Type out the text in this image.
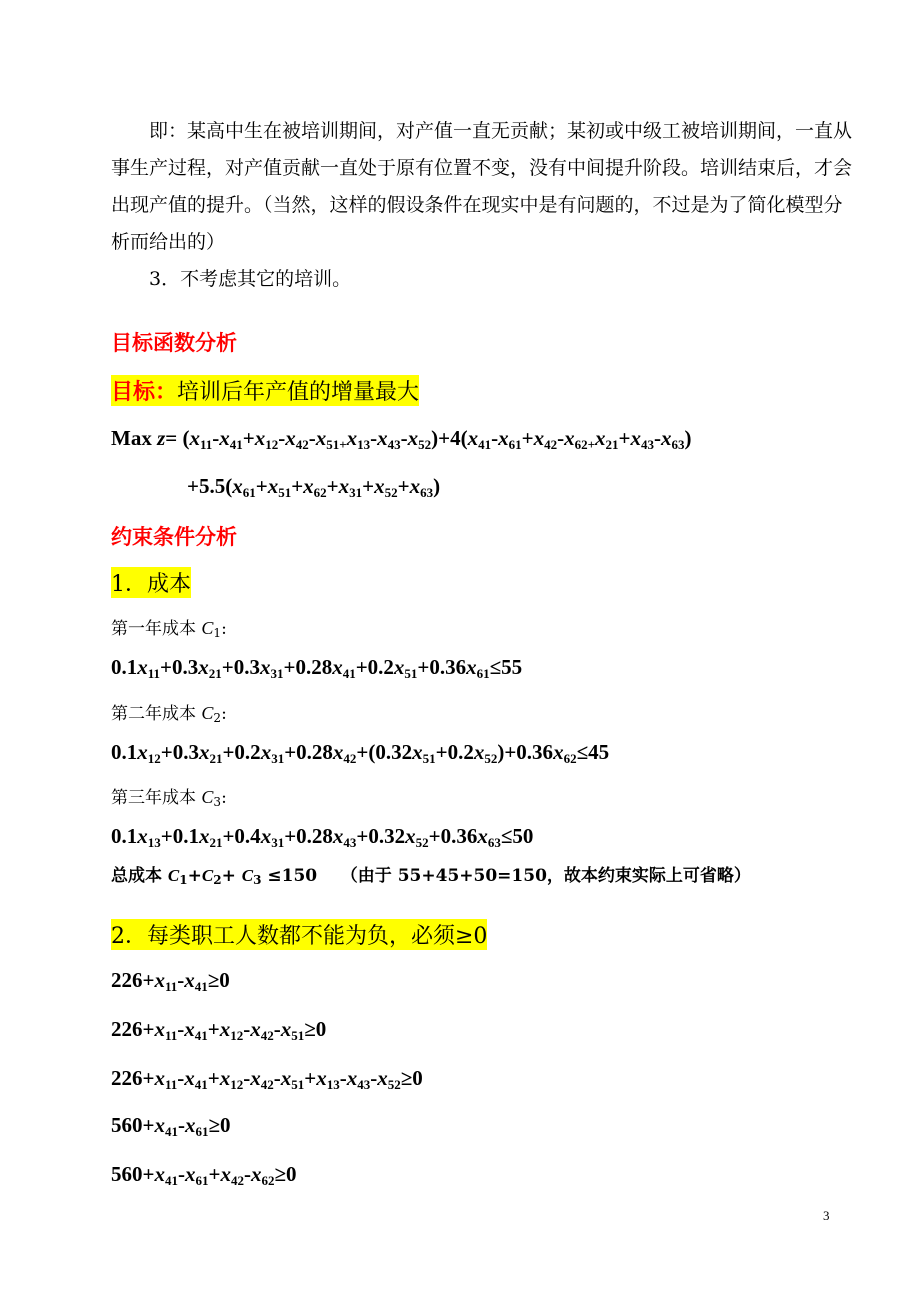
即：某高中生在被培训期间，对产值一直无贡献；某初或中级工被培训期间，一直从
事生产过程，对产值贡献一直处于原有位置不变，没有中间提升阶段。培训结束后，才会
出现产值的提升。（当然，这样的假设条件在现实中是有问题的，不过是为了简化模型分
析而给出的）
3．不考虑其它的培训。
目标函数分析
目标：培训后年产值的增量最大
Max $z= (x_{11}-x_{41}+x_{12}-x_{42}-x_{51+}x_{13}-x_{43}-x_{52})+4(x_{41}-x_{61}+x_{42}-x_{62+}x_{21}+x_{43}-x_{63})$
$+5.5(x_{61}+x_{51}+x_{62}+x_{31}+x_{52}+x_{63})$
约束条件分析
1．成本
第一年成本 $C_1$:
$0.1x_{11}+0.3x_{21}+0.3x_{31}+0.28x_{41}+0.2x_{51}+0.36x_{61}\le 55$
第二年成本 $C_2$:
$0.1x_{12}+0.3x_{21}+0.2x_{31}+0.28x_{42}+(0.32x_{51}+0.2x_{52})+0.36x_{62}\le 45$
第三年成本 $C_3$:
$0.1x_{13}+0.1x_{21}+0.4x_{31}+0.28x_{43}+0.32x_{52}+0.36x_{63}\le 50$
总成本 $C_1+C_2+ C_3 \le 150$ （由于 55+45+50=150，故本约束实际上可省略）
2．每类职工人数都不能为负，必须≥0
$226+x_{11}-x_{41}\ge 0$
$226+x_{11}-x_{41}+x_{12}-x_{42}-x_{51}\ge 0$
$226+x_{11}-x_{41}+x_{12}-x_{42}-x_{51}+x_{13}-x_{43}-x_{52}\ge 0$
$560+x_{41}-x_{61}\ge 0$
$560+x_{41}-x_{61}+x_{42}-x_{62}\ge 0$
3
